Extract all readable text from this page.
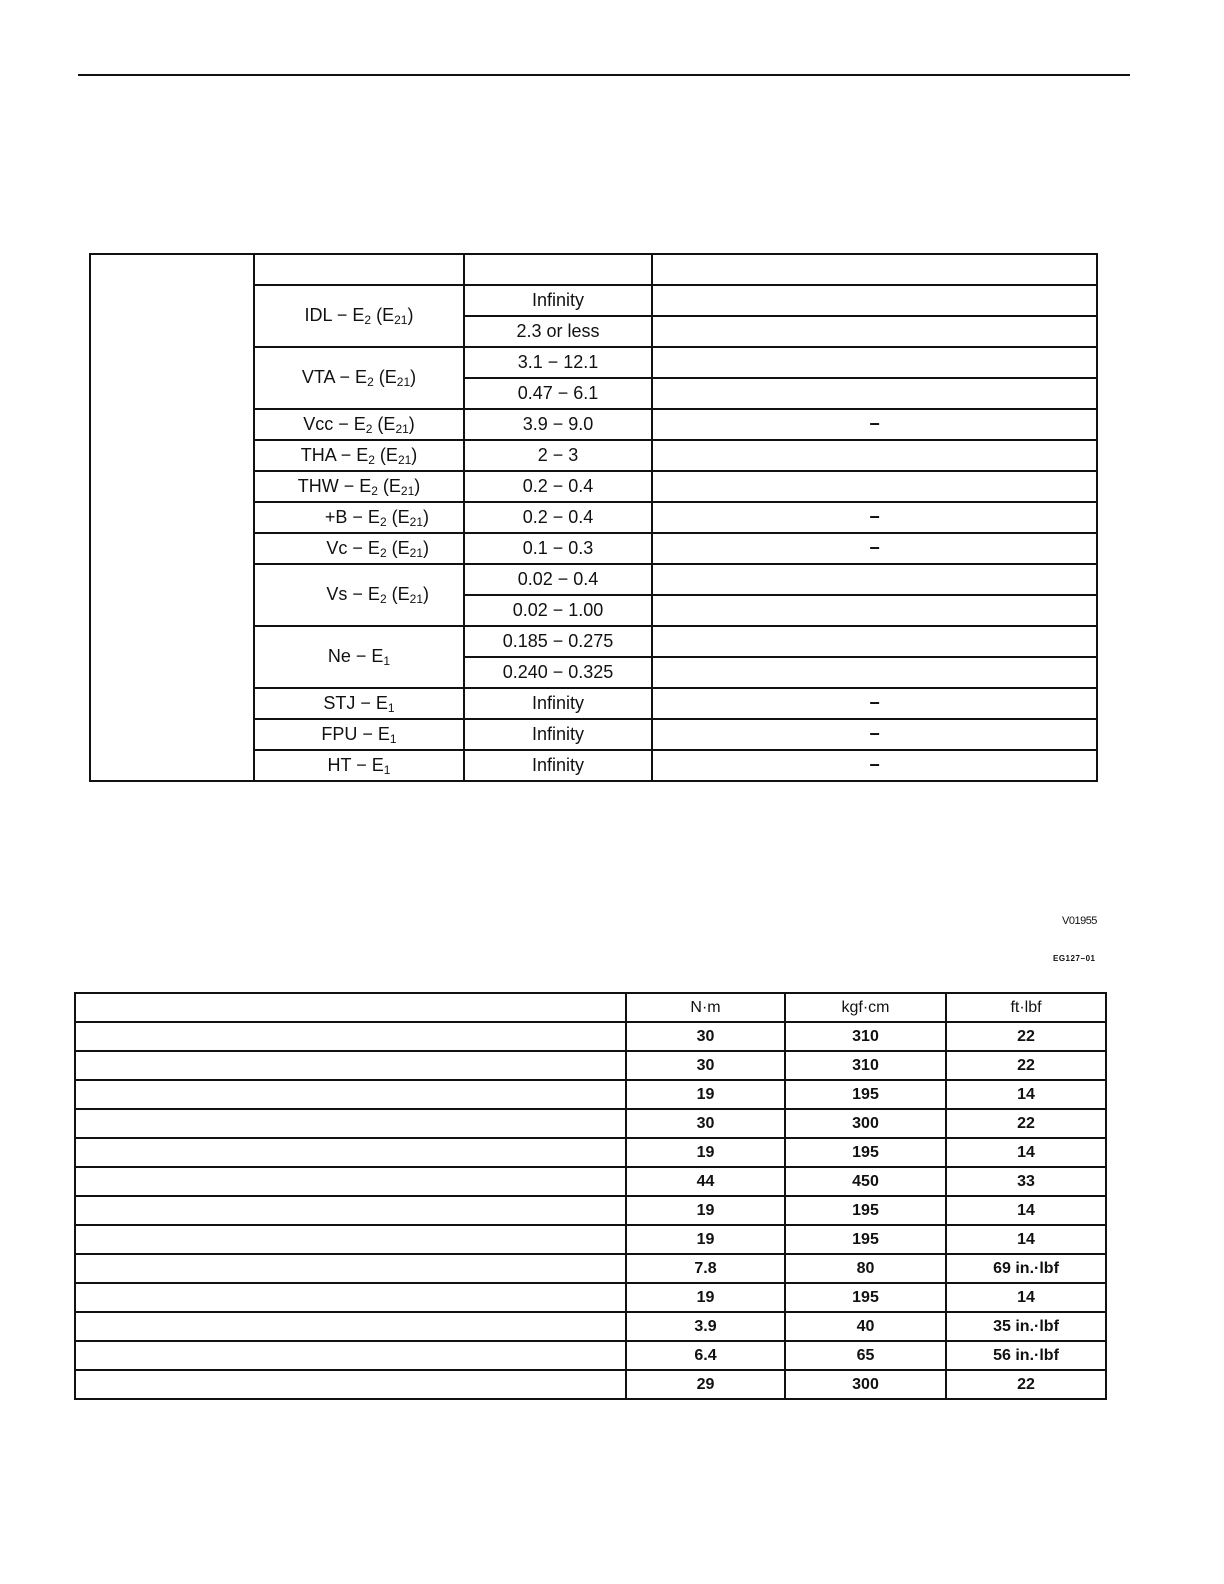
	IDL − $E_2$ $(E_{21})$	Infinity	
		2.3 or less	
	VTA − $E_2$ $(E_{21})$	3.1 − 12.1	
		0.47 − 6.1	
	Vcc − $E_2$ $(E_{21})$	3.9 − 9.0	−
	THA − $E_2$ $(E_{21})$	2 − 3	
	THW − $E_2$ $(E_{21})$	0.2 − 0.4	
	$+B - E_2$ $(E_{21})$	0.2 − 0.4	−
	$Vc - E_2$ $(E_{21})$	0.1 − 0.3	−
	$Vs - E_2$ $(E_{21})$	0.02 − 0.4	
		0.02 − 1.00	
	$Ne - E_1$	0.185 − 0.275	
		0.240 − 0.325	
	STJ − $E_1$	Infinity	−
	FPU − $E_1$	Infinity	−
	HT − $E_1$	Infinity	−
V01955
EG127−01
	N·m	kgf·cm	ft·lbf
	30	310	22
	30	310	22
	19	195	14
	30	300	22
	19	195	14
	44	450	33
	19	195	14
	19	195	14
	7.8	80	69 in.·lbf
	19	195	14
	3.9	40	35 in.·lbf
	6.4	65	56 in.·lbf
	29	300	22
